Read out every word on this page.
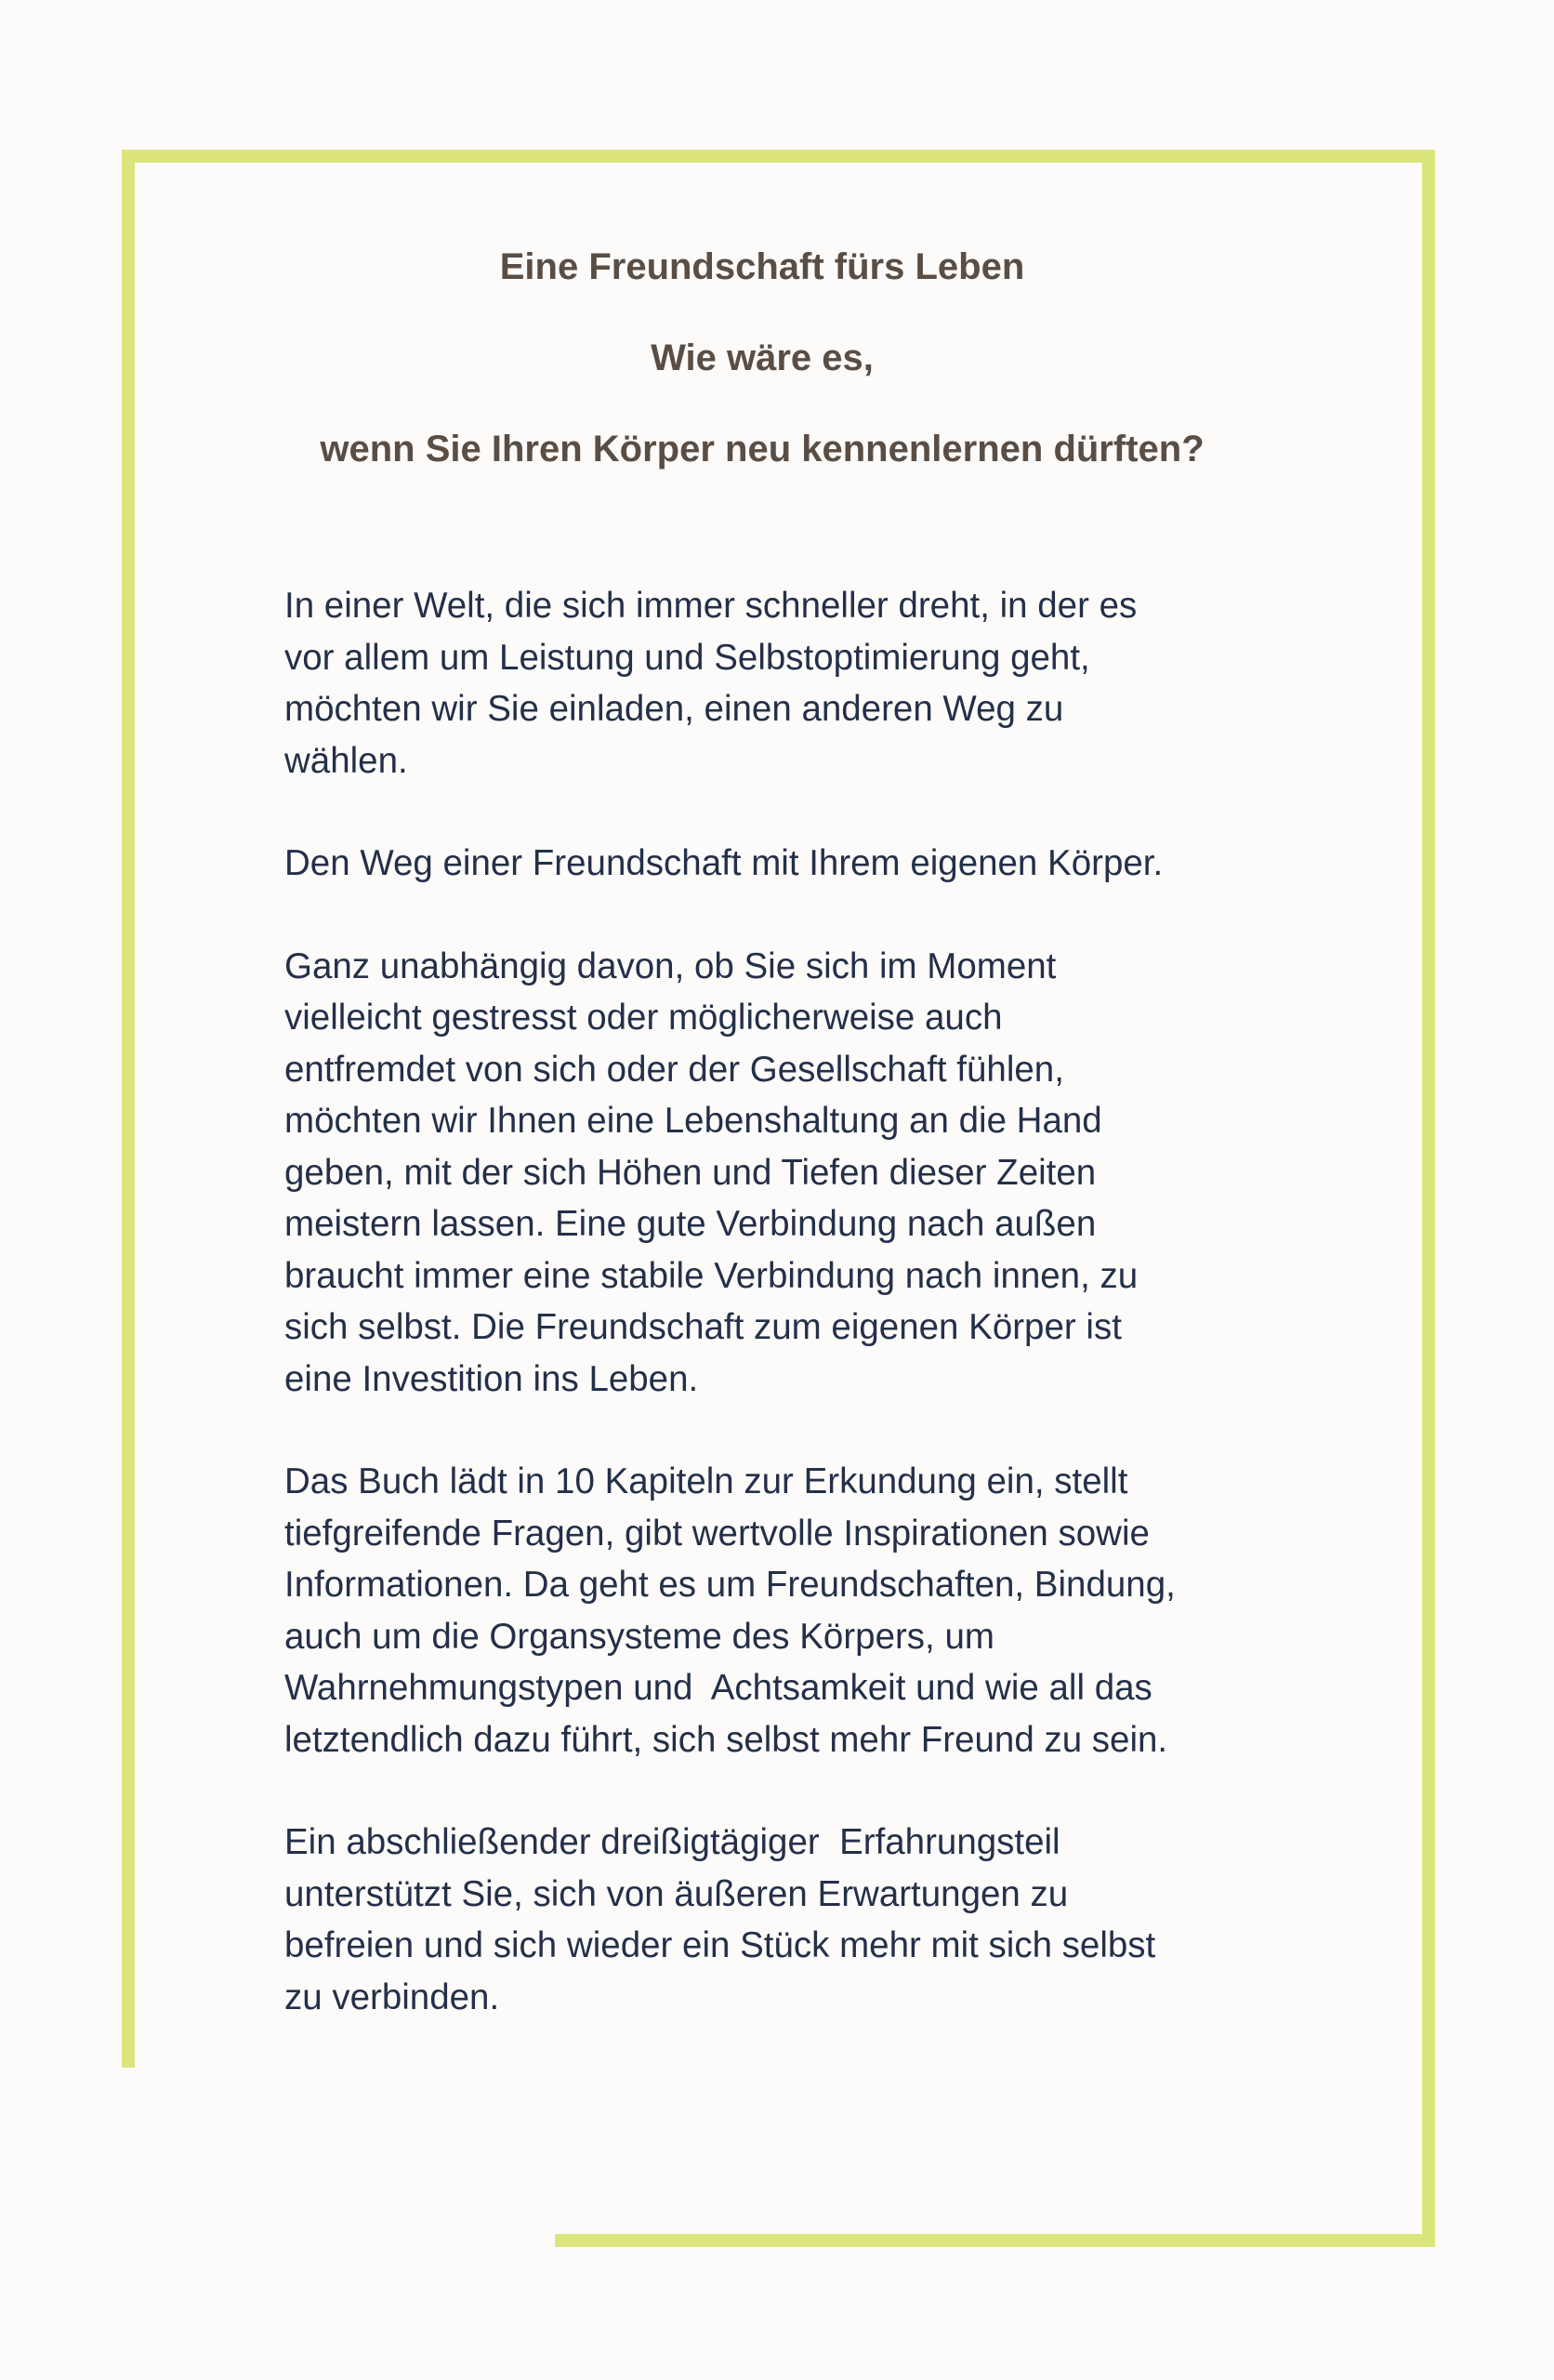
Eine Freundschaft fürs Leben

Wie wäre es,

wenn Sie Ihren Körper neu kennenlernen dürften?

In einer Welt, die sich immer schneller dreht, in der es
vor allem um Leistung und Selbstoptimierung geht,
möchten wir Sie einladen, einen anderen Weg zu
wählen.

Den Weg einer Freundschaft mit Ihrem eigenen Körper.

Ganz unabhängig davon, ob Sie sich im Moment
vielleicht gestresst oder möglicherweise auch
entfremdet von sich oder der Gesellschaft fühlen,
möchten wir Ihnen eine Lebenshaltung an die Hand
geben, mit der sich Höhen und Tiefen dieser Zeiten
meistern lassen. Eine gute Verbindung nach außen
braucht immer eine stabile Verbindung nach innen, zu
sich selbst. Die Freundschaft zum eigenen Körper ist
eine Investition ins Leben.

Das Buch lädt in 10 Kapiteln zur Erkundung ein, stellt
tiefgreifende Fragen, gibt wertvolle Inspirationen sowie
Informationen. Da geht es um Freundschaften, Bindung,
auch um die Organsysteme des Körpers, um
Wahrnehmungstypen und  Achtsamkeit und wie all das
letztendlich dazu führt, sich selbst mehr Freund zu sein.

Ein abschließender dreißigtägiger  Erfahrungsteil
unterstützt Sie, sich von äußeren Erwartungen zu
befreien und sich wieder ein Stück mehr mit sich selbst
zu verbinden.
